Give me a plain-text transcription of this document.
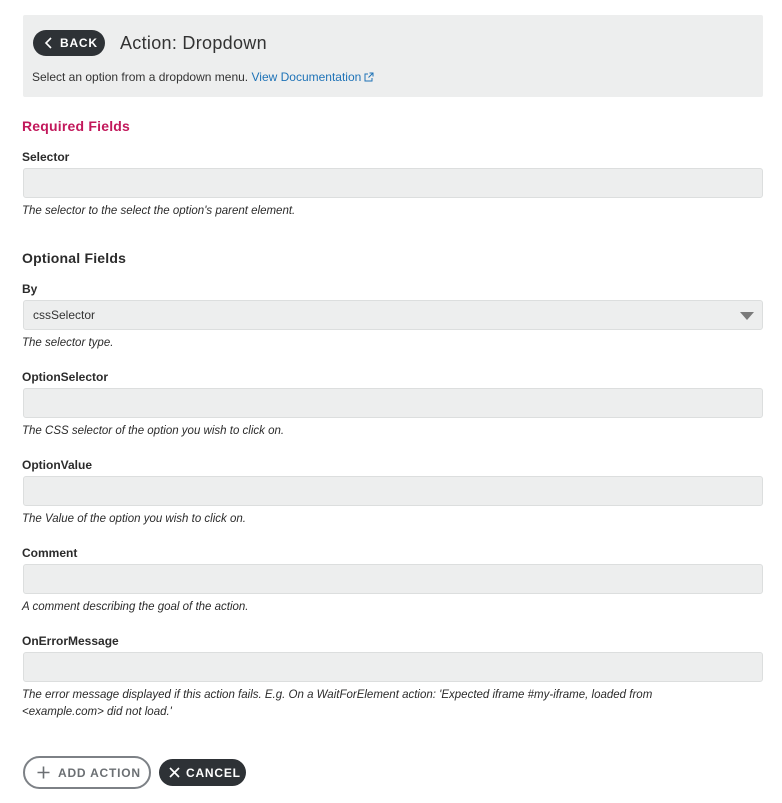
BACK Action: Dropdown
Select an option from a dropdown menu. View Documentation
Required Fields
Selector
The selector to the select the option's parent element.
Optional Fields
By
cssSelector
The selector type.
OptionSelector
The CSS selector of the option you wish to click on.
OptionValue
The Value of the option you wish to click on.
Comment
A comment describing the goal of the action.
OnErrorMessage
The error message displayed if this action fails. E.g. On a WaitForElement action: 'Expected iframe #my-iframe, loaded from <example.com> did not load.'
ADD ACTION	CANCEL
